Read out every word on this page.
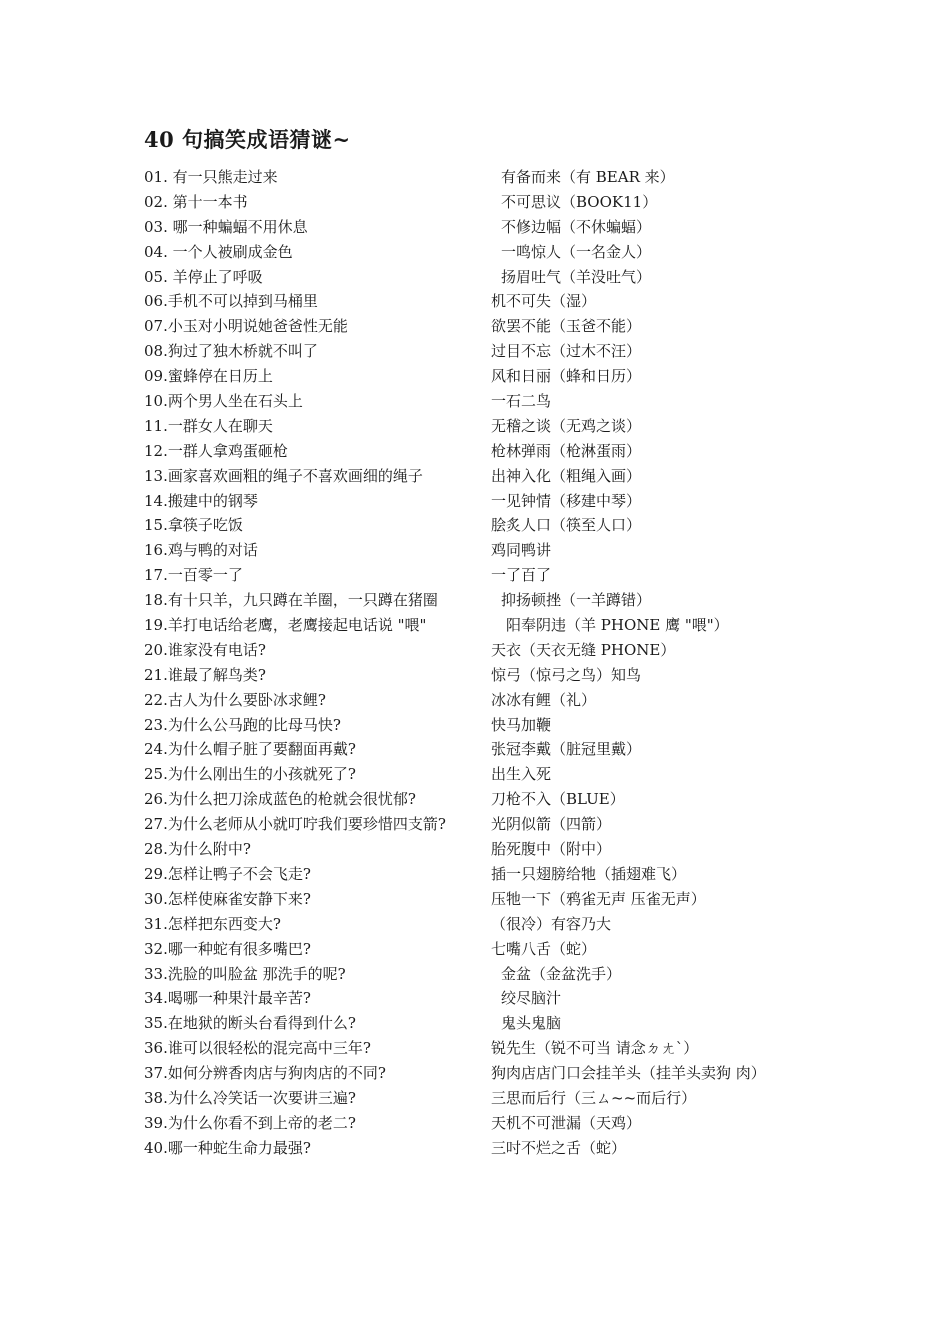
40 句搞笑成语猜谜~
01. 有一只熊走过来	有备而来（有 BEAR 来）
02. 第十一本书	不可思议（BOOK11）
03. 哪一种蝙蝠不用休息	不修边幅（不休蝙蝠）
04. 一个人被刷成金色	一鸣惊人（一名金人）
05. 羊停止了呼吸	扬眉吐气（羊没吐气）
06.手机不可以掉到马桶里	机不可失（湿）
07.小玉对小明说她爸爸性无能	欲罢不能（玉爸不能）
08.狗过了独木桥就不叫了	过目不忘（过木不汪）
09.蜜蜂停在日历上	风和日丽（蜂和日历）
10.两个男人坐在石头上	一石二鸟
11.一群女人在聊天	无稽之谈（无鸡之谈）
12.一群人拿鸡蛋砸枪	枪林弹雨（枪淋蛋雨）
13.画家喜欢画粗的绳子不喜欢画细的绳子	出神入化（粗绳入画）
14.搬建中的钢琴	一见钟情（移建中琴）
15.拿筷子吃饭	脍炙人口（筷至人口）
16.鸡与鸭的对话	鸡同鸭讲
17.一百零一了	一了百了
18.有十只羊，九只蹲在羊圈，一只蹲在猪圈	抑扬顿挫（一羊蹲错）
19.羊打电话给老鹰，老鹰接起电话说 "喂"	阳奉阴违（羊 PHONE 鹰 "喂"）
20.谁家没有电话?	天衣（天衣无缝 PHONE）
21.谁最了解鸟类?	惊弓（惊弓之鸟）知鸟
22.古人为什么要卧冰求鲤?	冰冰有鲤（礼）
23.为什么公马跑的比母马快?	快马加鞭
24.为什么帽子脏了要翻面再戴?	张冠李戴（脏冠里戴）
25.为什么刚出生的小孩就死了?	出生入死
26.为什么把刀涂成蓝色的枪就会很忧郁?	刀枪不入（BLUE）
27.为什么老师从小就叮咛我们要珍惜四支箭?	光阴似箭（四箭）
28.为什么附中?	胎死腹中（附中）
29.怎样让鸭子不会飞走?	插一只翅膀给牠（插翅难飞）
30.怎样使麻雀安静下来?	压牠一下（鸦雀无声 压雀无声）
31.怎样把东西变大?	（很冷）有容乃大
32.哪一种蛇有很多嘴巴?	七嘴八舌（蛇）
33.洗脸的叫脸盆 那洗手的呢?	金盆（金盆洗手）
34.喝哪一种果汁最辛苦?	绞尽脑汁
35.在地狱的断头台看得到什么?	鬼头鬼脑
36.谁可以很轻松的混完高中三年?	锐先生（锐不可当 请念ㄉㄤˋ）
37.如何分辨香肉店与狗肉店的不同?	狗肉店店门口会挂羊头（挂羊头卖狗 肉）
38.为什么冷笑话一次要讲三遍?	三思而后行（三ㄙ~~而后行）
39.为什么你看不到上帝的老二?	天机不可泄漏（天鸡）
40.哪一种蛇生命力最强?	三吋不烂之舌（蛇）
